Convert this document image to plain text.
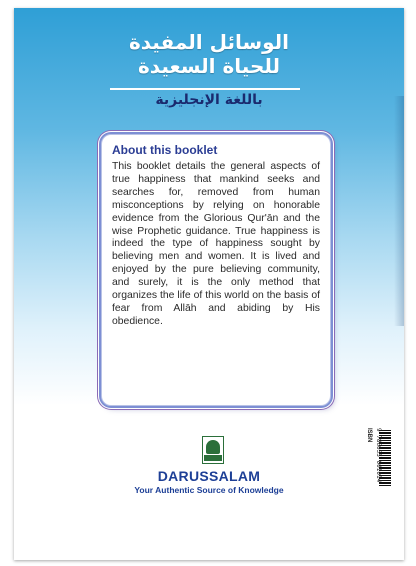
الوسائل المفيدة
للحياة السعيدة
باللغة الإنجليزية
About this booklet

This booklet details the general aspects of true happiness that mankind seeks and searches for, removed from human misconceptions by relying on honorable evidence from the Glorious Qur'ān and the wise Prophetic guidance. True happiness is indeed the type of happiness sought by believing men and women. It is lived and enjoyed by the pure believing community, and surely, it is the only method that organizes the life of this world on the basis of fear from Allāh and abiding by His obedience.

9 786035 001014
ISBN
DARUSSALAM
Your Authentic Source of Knowledge
